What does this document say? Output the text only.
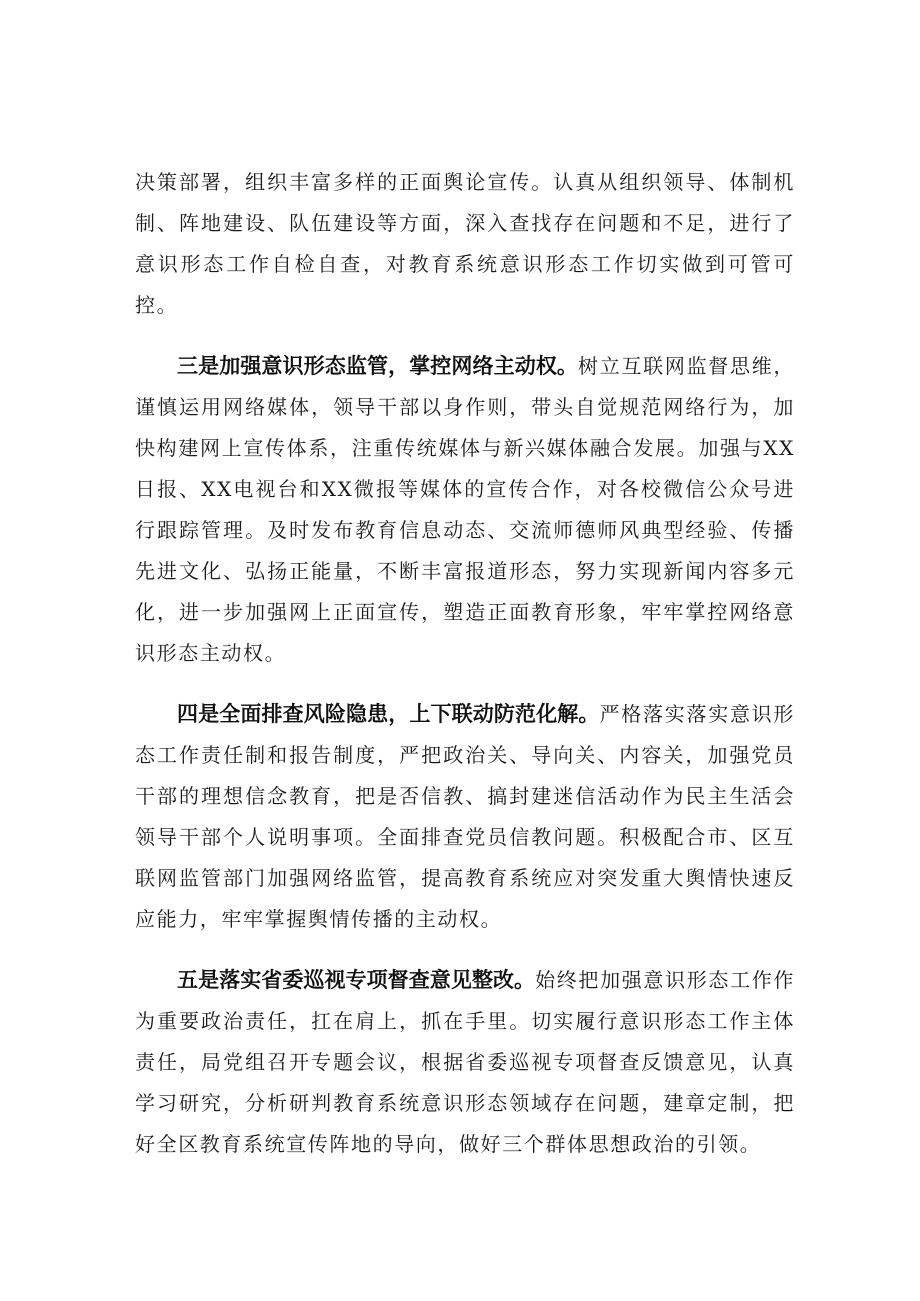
决策部署，组织丰富多样的正面舆论宣传。认真从组织领导、体制机制、阵地建设、队伍建设等方面，深入查找存在问题和不足，进行了意识形态工作自检自查，对教育系统意识形态工作切实做到可管可控。

三是加强意识形态监管，掌控网络主动权。树立互联网监督思维，谨慎运用网络媒体，领导干部以身作则，带头自觉规范网络行为，加快构建网上宣传体系，注重传统媒体与新兴媒体融合发展。加强与XX日报、XX电视台和XX微报等媒体的宣传合作，对各校微信公众号进行跟踪管理。及时发布教育信息动态、交流师德师风典型经验、传播先进文化、弘扬正能量，不断丰富报道形态，努力实现新闻内容多元化，进一步加强网上正面宣传，塑造正面教育形象，牢牢掌控网络意识形态主动权。

四是全面排查风险隐患，上下联动防范化解。严格落实落实意识形态工作责任制和报告制度，严把政治关、导向关、内容关，加强党员干部的理想信念教育，把是否信教、搞封建迷信活动作为民主生活会领导干部个人说明事项。全面排查党员信教问题。积极配合市、区互联网监管部门加强网络监管，提高教育系统应对突发重大舆情快速反应能力，牢牢掌握舆情传播的主动权。

五是落实省委巡视专项督查意见整改。始终把加强意识形态工作作为重要政治责任，扛在肩上，抓在手里。切实履行意识形态工作主体责任，局党组召开专题会议，根据省委巡视专项督查反馈意见，认真学习研究，分析研判教育系统意识形态领域存在问题，建章定制，把好全区教育系统宣传阵地的导向，做好三个群体思想政治的引领。
